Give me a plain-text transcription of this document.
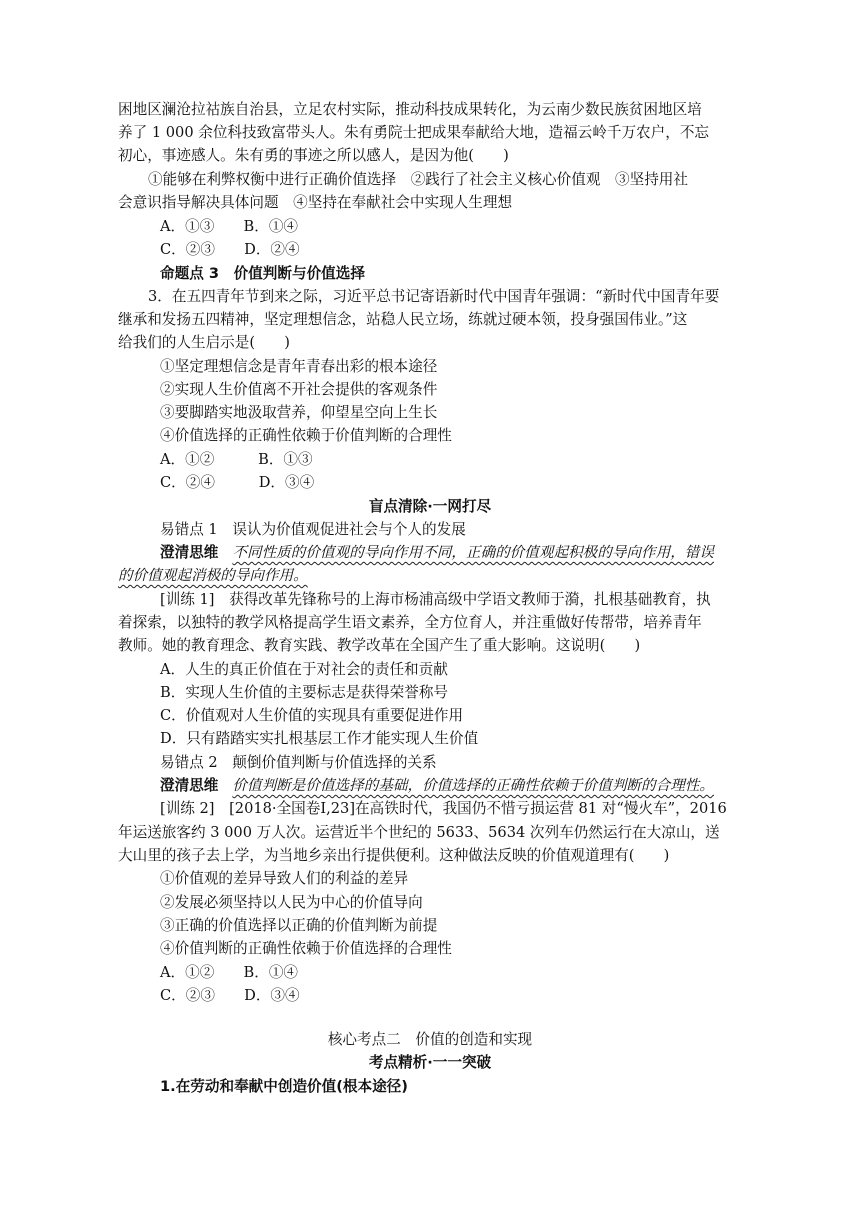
困地区澜沧拉祜族自治县，立足农村实际，推动科技成果转化，为云南少数民族贫困地区培
养了 1 000 余位科技致富带头人。朱有勇院士把成果奉献给大地，造福云岭千万农户，不忘
初心，事迹感人。朱有勇的事迹之所以感人，是因为他(　　)
①能够在利弊权衡中进行正确价值选择　②践行了社会主义核心价值观　③坚持用社
会意识指导解决具体问题　④坚持在奉献社会中实现人生理想
A．①③　　B．①④
C．②③　　D．②④
命题点 3　价值判断与价值选择
3．在五四青年节到来之际，习近平总书记寄语新时代中国青年强调：“新时代中国青年要
继承和发扬五四精神，坚定理想信念，站稳人民立场，练就过硬本领，投身强国伟业。”这
给我们的人生启示是(　　)
①坚定理想信念是青年青春出彩的根本途径
②实现人生价值离不开社会提供的客观条件
③要脚踏实地汲取营养，仰望星空向上生长
④价值选择的正确性依赖于价值判断的合理性
A．①②　　　B．①③
C．②④　　　D．③④
盲点清除·一网打尽
易错点 1　误认为价值观促进社会与个人的发展
澄清思维 不同性质的价值观的导向作用不同，正确的价值观起积极的导向作用，错误
的价值观起消极的导向作用。
[训练 1]　获得改革先锋称号的上海市杨浦高级中学语文教师于漪，扎根基础教育，执
着探索，以独特的教学风格提高学生语文素养，全方位育人，并注重做好传帮带，培养青年
教师。她的教育理念、教育实践、教学改革在全国产生了重大影响。这说明(　　)
A．人生的真正价值在于对社会的责任和贡献
B．实现人生价值的主要标志是获得荣誉称号
C．价值观对人生价值的实现具有重要促进作用
D．只有踏踏实实扎根基层工作才能实现人生价值
易错点 2　颠倒价值判断与价值选择的关系
澄清思维 价值判断是价值选择的基础，价值选择的正确性依赖于价值判断的合理性。
[训练 2]　[2018·全国卷Ⅰ,23]在高铁时代，我国仍不惜亏损运营 81 对“慢火车”，2016
年运送旅客约 3 000 万人次。运营近半个世纪的 5633、5634 次列车仍然运行在大凉山，送
大山里的孩子去上学，为当地乡亲出行提供便利。这种做法反映的价值观道理有(　　)
①价值观的差异导致人们的利益的差异
②发展必须坚持以人民为中心的价值导向
③正确的价值选择以正确的价值判断为前提
④价值判断的正确性依赖于价值选择的合理性
A．①②　　B．①④
C．②③　　D．③④
核心考点二　价值的创造和实现
考点精析·一一突破
1.在劳动和奉献中创造价值(根本途径)
